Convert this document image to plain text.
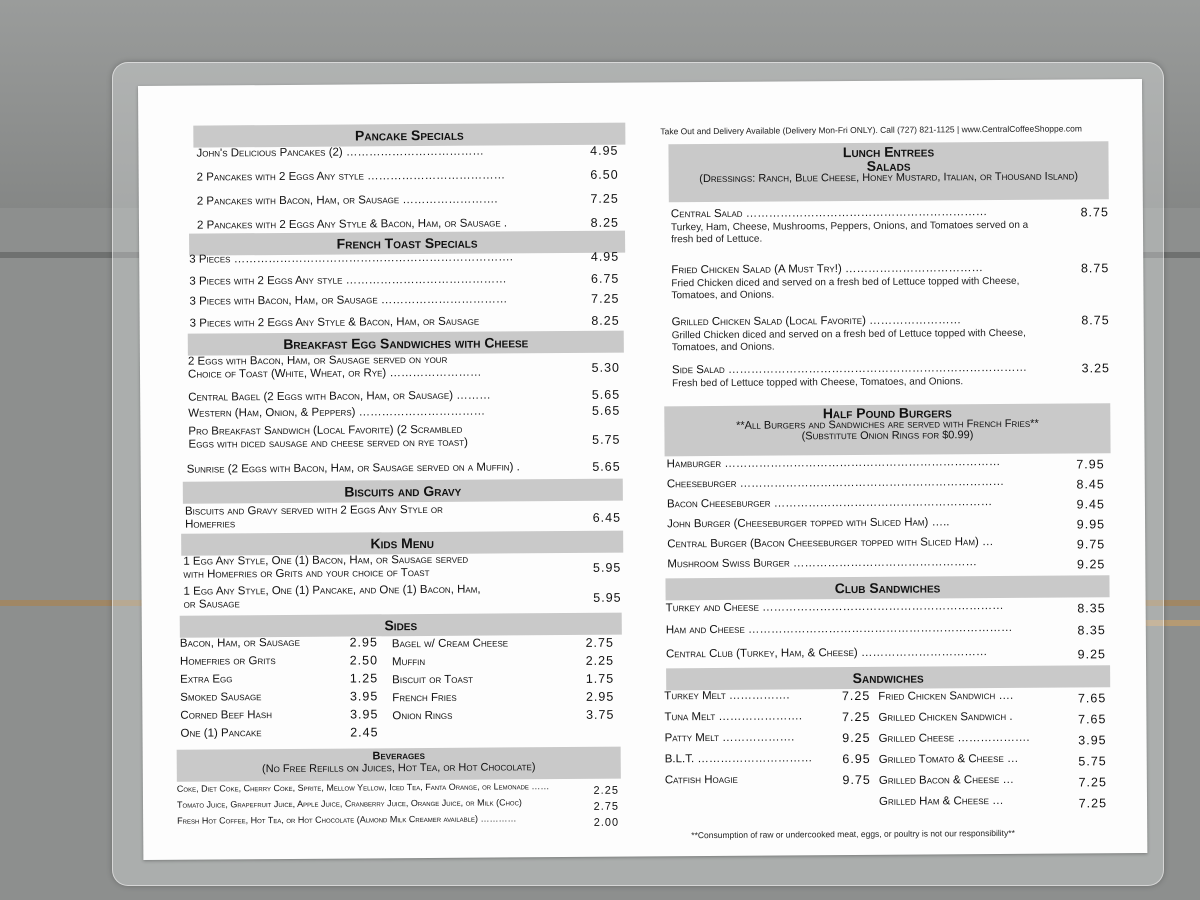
Pancake Specials
John's Delicious Pancakes (2) ………………………………	4.95
2 Pancakes with 2 Eggs Any style ………………………………	6.50
2 Pancakes with Bacon, Ham, or Sausage …………………….	7.25
2 Pancakes with 2 Eggs Any Style & Bacon, Ham, or Sausage .	8.25
French Toast Specials
3 Pieces ……………………………………………………………….	4.95
3 Pieces with 2 Eggs Any style ……………………………………	6.75
3 Pieces with Bacon, Ham, or Sausage ……………………………	7.25
3 Pieces with 2 Eggs Any Style & Bacon, Ham, or Sausage	8.25
Breakfast Egg Sandwiches with Cheese
2 Eggs with Bacon, Ham, or Sausage served on your
Choice of Toast (White, Wheat, or Rye) ……………………	5.30
Central Bagel (2 Eggs with Bacon, Ham, or Sausage) ………	5.65
Western (Ham, Onion, & Peppers) ……………………………	5.65
Pro Breakfast Sandwich (Local Favorite) (2 Scrambled
Eggs with diced sausage and cheese served on rye toast)	5.75
Sunrise (2 Eggs with Bacon, Ham, or Sausage served on a Muffin) .	5.65
Biscuits and Gravy
Biscuits and Gravy served with 2 Eggs Any Style or
Homefries	6.45
Kids Menu
1 Egg Any Style, One (1) Bacon, Ham, or Sausage served
with Homefries or Grits and your choice of Toast	5.95
1 Egg Any Style, One (1) Pancake, and One (1) Bacon, Ham,
or Sausage	5.95
Sides
Bacon, Ham, or Sausage	2.95
Homefries or Grits	2.50
Extra Egg	1.25
Smoked Sausage	3.95
Corned Beef Hash	3.95
One (1) Pancake	2.45
Bagel w/ Cream Cheese	2.75
Muffin	2.25
Biscuit or Toast	1.75
French Fries	2.95
Onion Rings	3.75
Beverages
(No Free Refills on Juices, Hot Tea, or Hot Chocolate)
Coke, Diet Coke, Cherry Coke, Sprite, Mellow Yellow, Iced Tea, Fanta Orange, or Lemonade ……	2.25
Tomato Juice, Grapefruit Juice, Apple Juice, Cranberry Juice, Orange Juice, or Milk (Choc)	2.75
Fresh Hot Coffee, Hot Tea, or Hot Chocolate (Almond Milk Creamer available) …………	2.00
Take Out and Delivery Available (Delivery Mon-Fri ONLY). Call (727) 821-1125 | www.CentralCoffeeShoppe.com
Lunch Entrees
Salads
(Dressings: Ranch, Blue Cheese, Honey Mustard, Italian, or Thousand Island)
Central Salad ………………………………………………………
Turkey, Ham, Cheese, Mushrooms, Peppers, Onions, and Tomatoes served on a fresh bed of Lettuce.
8.75
Fried Chicken Salad (A Must Try!) ………………………………
Fried Chicken diced and served on a fresh bed of Lettuce topped with Cheese, Tomatoes, and Onions.
8.75
Grilled Chicken Salad (Local Favorite) ……………………
Grilled Chicken diced and served on a fresh bed of Lettuce topped with Cheese, Tomatoes, and Onions.
8.75
Side Salad ……………………………………………………………………
Fresh bed of Lettuce topped with Cheese, Tomatoes, and Onions.
3.25
Half Pound Burgers
**All Burgers and Sandwiches are served with French Fries**
(Substitute Onion Rings for $0.99)
Hamburger ………………………………………………………………	7.95
Cheeseburger ……………………………………………………………	8.45
Bacon Cheeseburger …………………………………………………	9.45
John Burger (Cheeseburger topped with Sliced Ham) …..	9.95
Central Burger (Bacon Cheeseburger topped with Sliced Ham) …	9.75
Mushroom Swiss Burger …………………………………………	9.25
Club Sandwiches
Turkey and Cheese ………………………………………………………	8.35
Ham and Cheese ……………………………………………………………	8.35
Central Club (Turkey, Ham, & Cheese) ……………………………	9.25
Sandwiches
Turkey Melt …………….	7.25
Tuna Melt ………………….	7.25
Patty Melt ……………….	9.25
B.L.T. …………………………	6.95
Catfish Hoagie	9.75
Fried Chicken Sandwich ….	7.65
Grilled Chicken Sandwich .	7.65
Grilled Cheese ……………….	3.95
Grilled Tomato & Cheese …	5.75
Grilled Bacon & Cheese …	7.25
Grilled Ham & Cheese …	7.25
**Consumption of raw or undercooked meat, eggs, or poultry is not our responsibility**
